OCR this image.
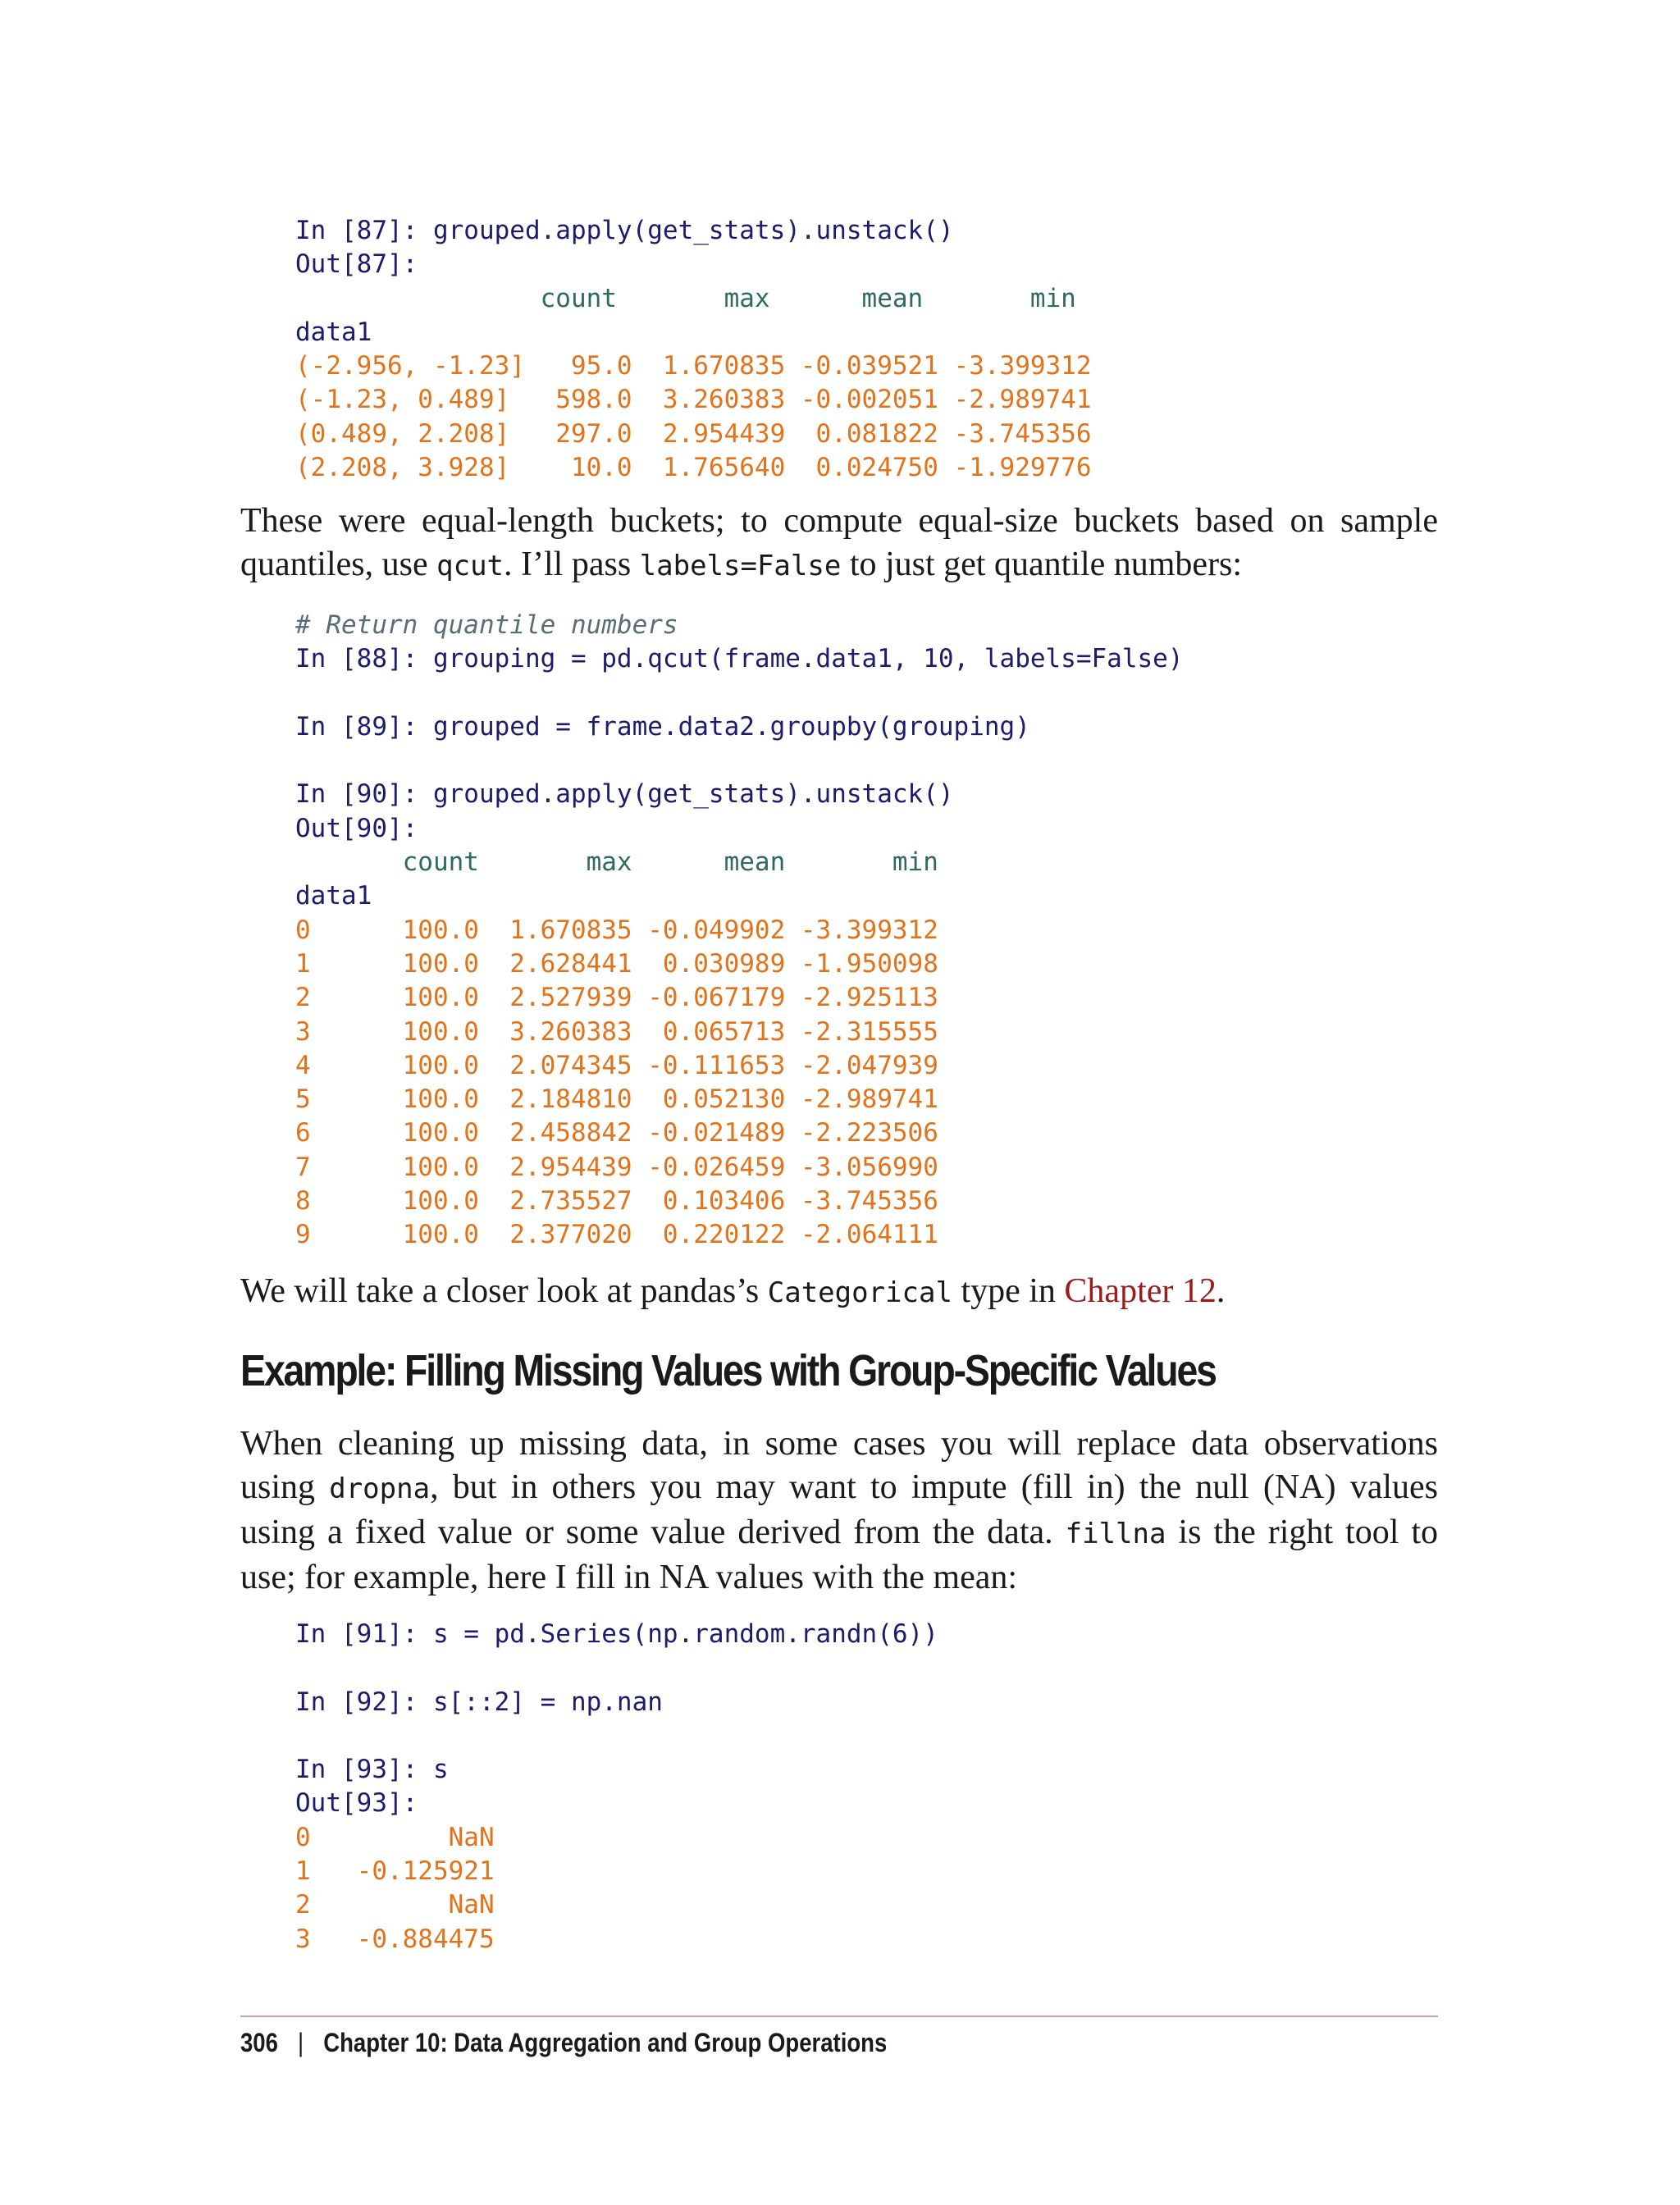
In [87]: grouped.apply(get_stats).unstack()
Out[87]:
count       max      mean       min
data1
(-2.956, -1.23]   95.0  1.670835 -0.039521 -3.399312
(-1.23, 0.489]   598.0  3.260383 -0.002051 -2.989741
(0.489, 2.208]   297.0  2.954439  0.081822 -3.745356
(2.208, 3.928]    10.0  1.765640  0.024750 -1.929776

These were equal-length buckets; to compute equal-size buckets based on sample quantiles, use qcut. I’ll pass labels=False to just get quantile numbers:

# Return quantile numbers
In [88]: grouping = pd.qcut(frame.data1, 10, labels=False)

In [89]: grouped = frame.data2.groupby(grouping)

In [90]: grouped.apply(get_stats).unstack()
Out[90]:
count       max      mean       min
data1
0      100.0  1.670835 -0.049902 -3.399312
1      100.0  2.628441  0.030989 -1.950098
2      100.0  2.527939 -0.067179 -2.925113
3      100.0  3.260383  0.065713 -2.315555
4      100.0  2.074345 -0.111653 -2.047939
5      100.0  2.184810  0.052130 -2.989741
6      100.0  2.458842 -0.021489 -2.223506
7      100.0  2.954439 -0.026459 -3.056990
8      100.0  2.735527  0.103406 -3.745356
9      100.0  2.377020  0.220122 -2.064111

We will take a closer look at pandas’s Categorical type in Chapter 12.

Example: Filling Missing Values with Group-Specific Values

When cleaning up missing data, in some cases you will replace data observations using dropna, but in others you may want to impute (fill in) the null (NA) values using a fixed value or some value derived from the data. fillna is the right tool to use; for example, here I fill in NA values with the mean:

In [91]: s = pd.Series(np.random.randn(6))

In [92]: s[::2] = np.nan

In [93]: s
Out[93]:
0         NaN
1   -0.125921
2         NaN
3   -0.884475
306 | Chapter 10: Data Aggregation and Group Operations
